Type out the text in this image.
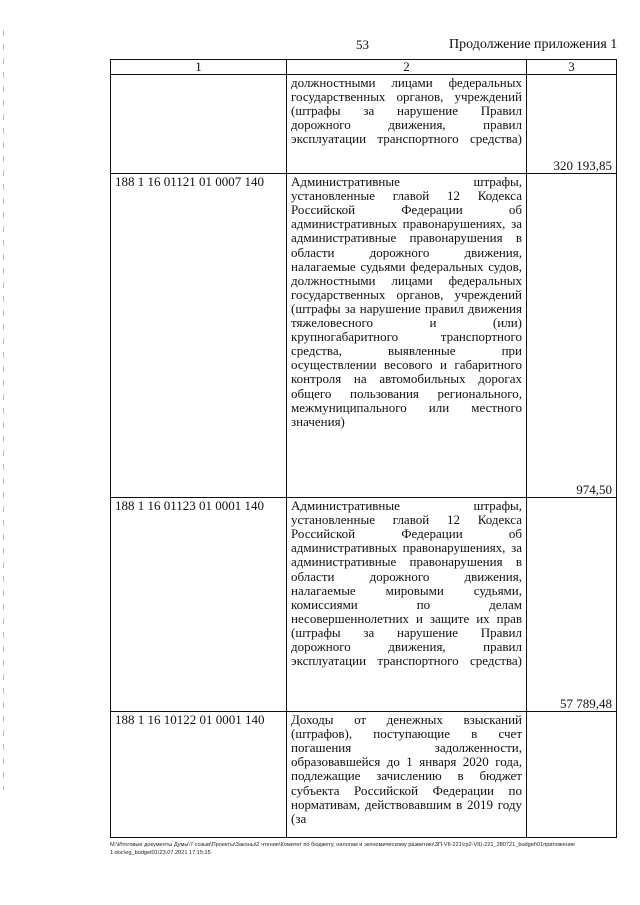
53	Продолжение приложения 1
1	2	3
	должностными лицами федеральных государственных органов, учреждений (штрафы за нарушение Правил дорожного движения, правил эксплуатации транспортного средства)	320 193,85
188 1 16 01121 01 0007 140	Административные штрафы, установленные главой 12 Кодекса Российской Федерации об административных правонарушениях, за административные правонарушения в области дорожного движения, налагаемые судьями федеральных судов, должностными лицами федеральных государственных органов, учреждений (штрафы за нарушение правил движения тяжеловесного и (или) крупногабаритного транспортного средства, выявленные при осуществлении весового и габаритного контроля на автомобильных дорогах общего пользования регионального, межмуниципального или местного значения)	974,50
188 1 16 01123 01 0001 140	Административные штрафы, установленные главой 12 Кодекса Российской Федерации об административных правонарушениях, за административные правонарушения в области дорожного движения, налагаемые мировыми судьями, комиссиями по делам несовершеннолетних и защите их прав (штрафы за нарушение Правил дорожного движения, правил эксплуатации транспортного средства)	57 789,48
188 1 16 10122 01 0001 140	Доходы от денежных взысканий (штрафов), поступающие в счет погашения задолженности, образовавшейся до 1 января 2020 года, подлежащие зачислению в бюджет субъекта Российской Федерации по нормативам, действовавшим в 2019 году (за	
M:\Итоговые документы Думы\7 созыв\Проекты\Законы\2 чтение\Комитет по бюджету, налогам и экономическому развитию\ЗП-VII-221\гр2-VII)-221_280721_budget\01приложение 1.doc\eg_budget01\23.07.2021 17:15:15
